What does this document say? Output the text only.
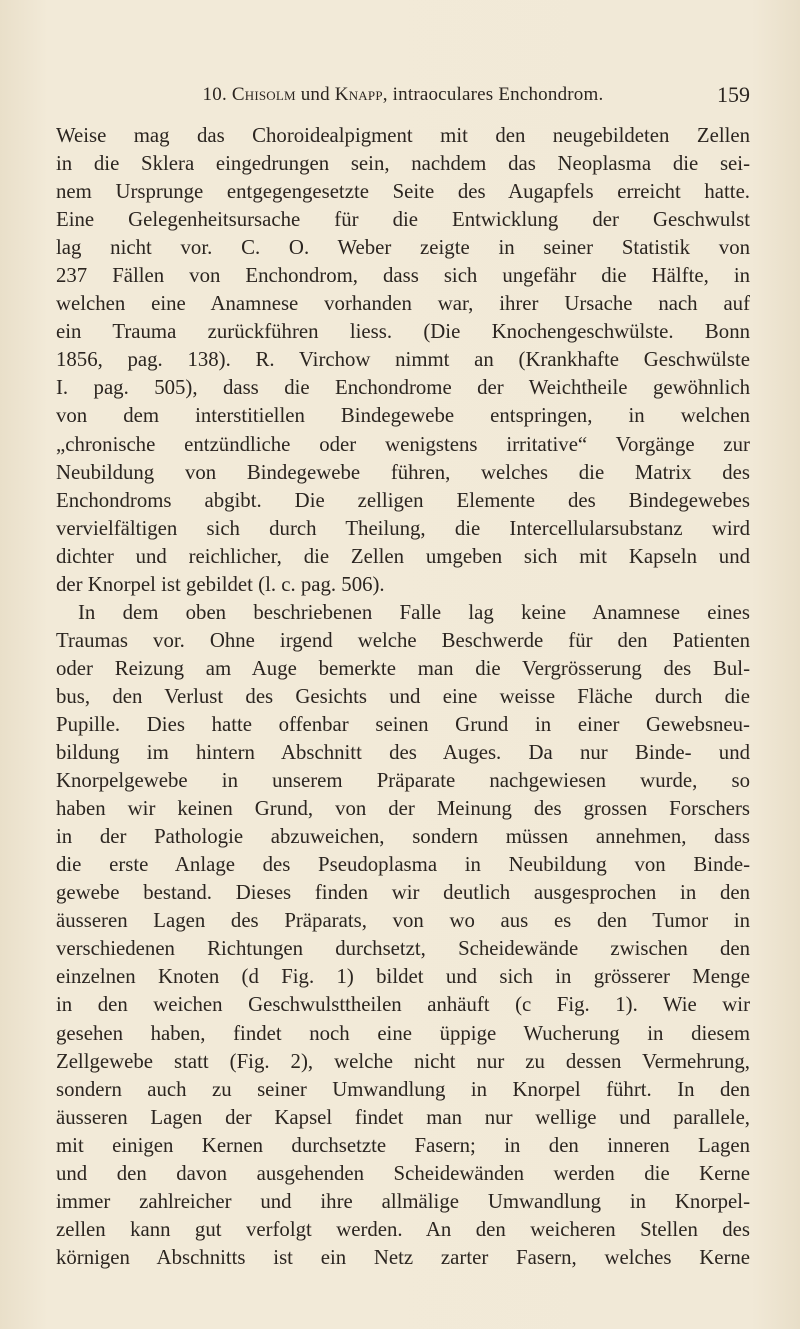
10. Chisolm und Knapp, intraoculares Enchondrom.	159
Weise mag das Choroidealpigment mit den neugebildeten Zellen
in die Sklera eingedrungen sein, nachdem das Neoplasma die sei-
nem Ursprunge entgegengesetzte Seite des Augapfels erreicht hatte.
Eine Gelegenheitsursache für die Entwicklung der Geschwulst
lag nicht vor. C. O. Weber zeigte in seiner Statistik von
237 Fällen von Enchondrom, dass sich ungefähr die Hälfte, in
welchen eine Anamnese vorhanden war, ihrer Ursache nach auf
ein Trauma zurückführen liess. (Die Knochengeschwülste. Bonn
1856, pag. 138). R. Virchow nimmt an (Krankhafte Geschwülste
I. pag. 505), dass die Enchondrome der Weichtheile gewöhnlich
von dem interstitiellen Bindegewebe entspringen, in welchen
„chronische entzündliche oder wenigstens irritative“ Vorgänge zur
Neubildung von Bindegewebe führen, welches die Matrix des
Enchondroms abgibt. Die zelligen Elemente des Bindegewebes
vervielfältigen sich durch Theilung, die Intercellularsubstanz wird
dichter und reichlicher, die Zellen umgeben sich mit Kapseln und
der Knorpel ist gebildet (l. c. pag. 506).
In dem oben beschriebenen Falle lag keine Anamnese eines
Traumas vor. Ohne irgend welche Beschwerde für den Patienten
oder Reizung am Auge bemerkte man die Vergrösserung des Bul-
bus, den Verlust des Gesichts und eine weisse Fläche durch die
Pupille. Dies hatte offenbar seinen Grund in einer Gewebsneu-
bildung im hintern Abschnitt des Auges. Da nur Binde- und
Knorpelgewebe in unserem Präparate nachgewiesen wurde, so
haben wir keinen Grund, von der Meinung des grossen Forschers
in der Pathologie abzuweichen, sondern müssen annehmen, dass
die erste Anlage des Pseudoplasma in Neubildung von Binde-
gewebe bestand. Dieses finden wir deutlich ausgesprochen in den
äusseren Lagen des Präparats, von wo aus es den Tumor in
verschiedenen Richtungen durchsetzt, Scheidewände zwischen den
einzelnen Knoten (d Fig. 1) bildet und sich in grösserer Menge
in den weichen Geschwulsttheilen anhäuft (c Fig. 1). Wie wir
gesehen haben, findet noch eine üppige Wucherung in diesem
Zellgewebe statt (Fig. 2), welche nicht nur zu dessen Vermehrung,
sondern auch zu seiner Umwandlung in Knorpel führt. In den
äusseren Lagen der Kapsel findet man nur wellige und parallele,
mit einigen Kernen durchsetzte Fasern; in den inneren Lagen
und den davon ausgehenden Scheidewänden werden die Kerne
immer zahlreicher und ihre allmälige Umwandlung in Knorpel-
zellen kann gut verfolgt werden. An den weicheren Stellen des
körnigen Abschnitts ist ein Netz zarter Fasern, welches Kerne
